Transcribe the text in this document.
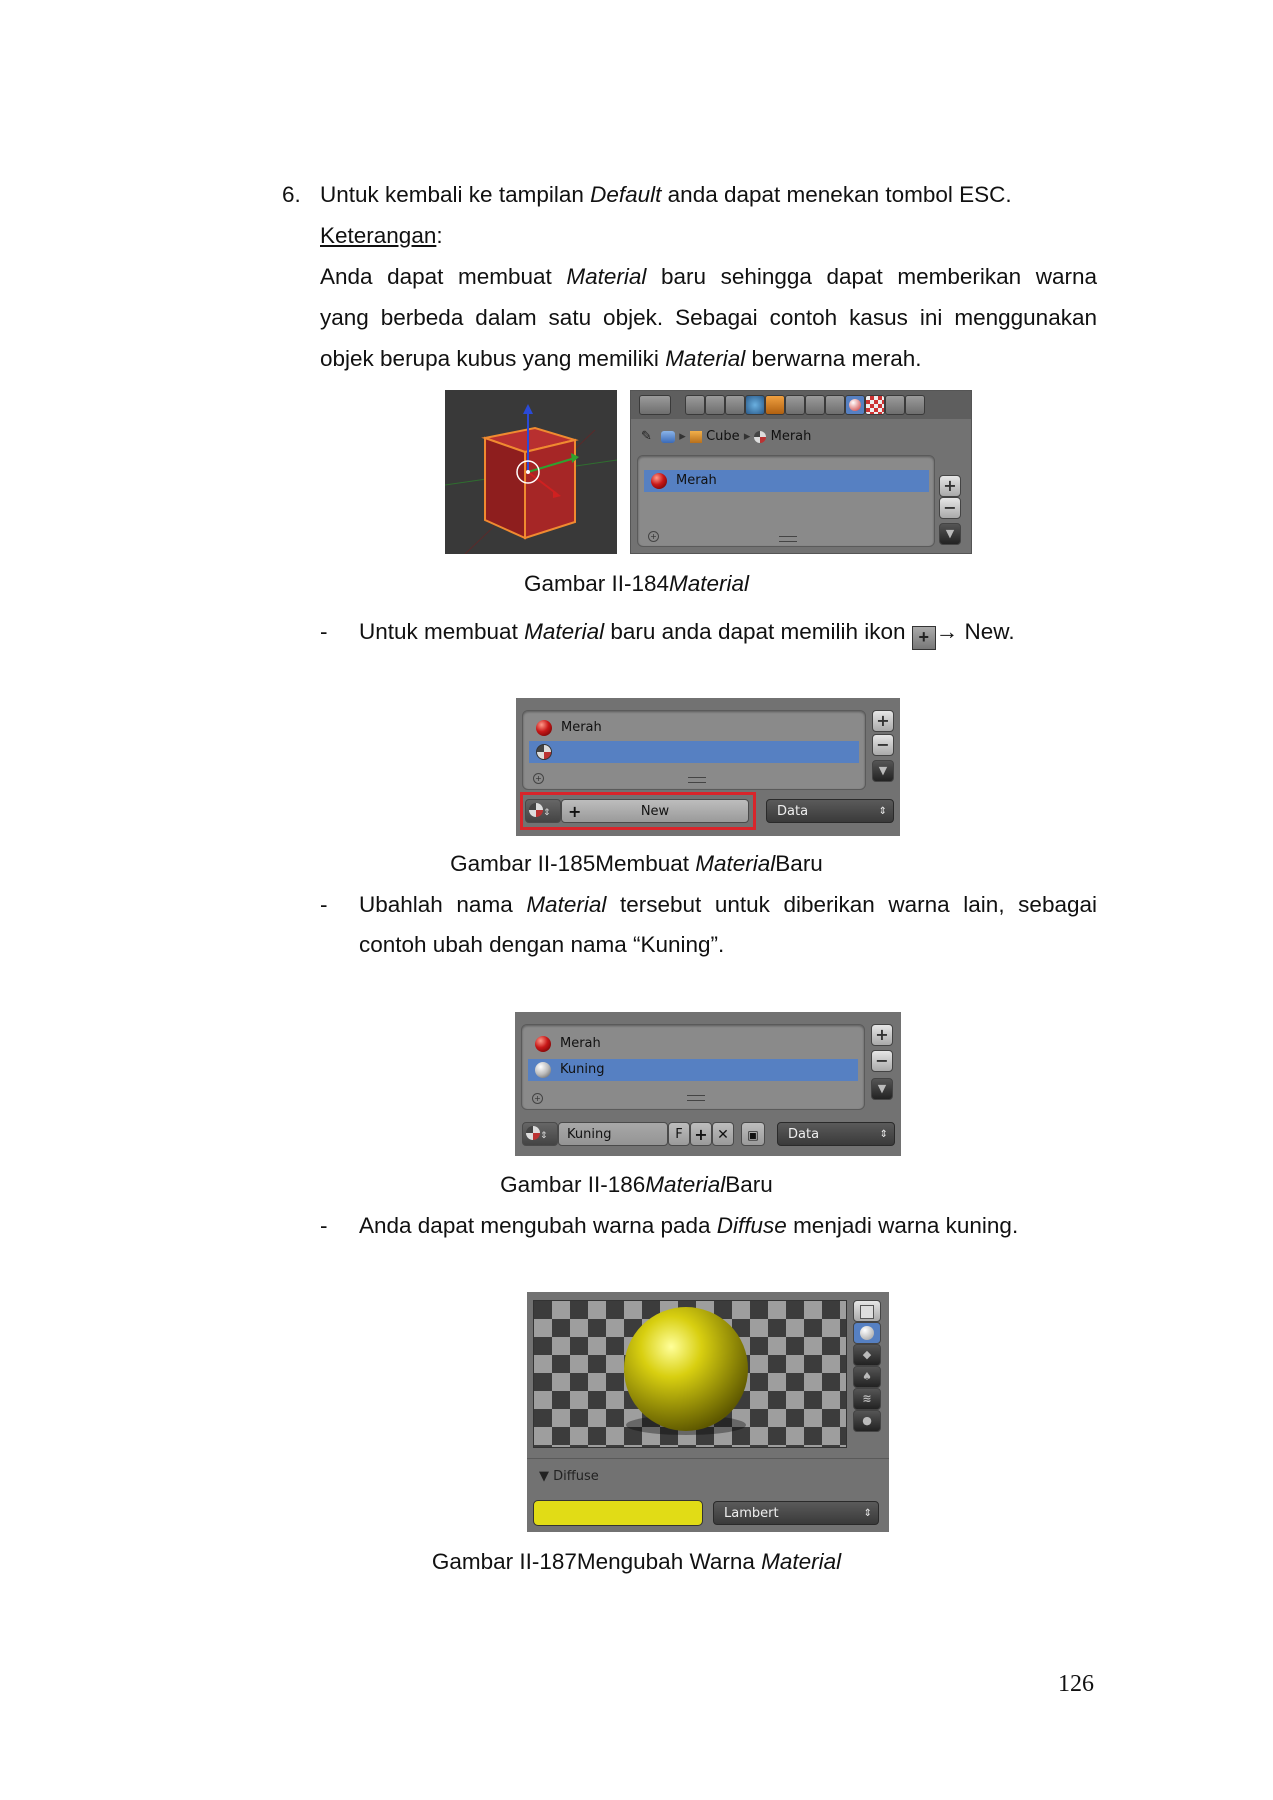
6. Untuk kembali ke tampilan Default anda dapat menekan tombol ESC.
Keterangan:
Anda dapat membuat Material baru sehingga dapat memberikan warna
yang berbeda dalam satu objek. Sebagai contoh kasus ini menggunakan
objek berupa kubus yang memiliki Material berwarna merah.
✎  ▸  Cube ▸  Merah
Merah
+
+
−
▼
Gambar II-184Material
- Untuk membuat Material baru anda dapat memilih ikon + → New.
Merah
+
+
−
▼
⇕	+	New	Data	⇕
Gambar II-185Membuat MaterialBaru
- Ubahlah nama Material tersebut untuk diberikan warna lain, sebagai
contoh ubah dengan nama “Kuning”.
Merah
Kuning
+
+
−
▼
⇕	Kuning	F + ✕	▣	Data	⇕
Gambar II-186MaterialBaru
- Anda dapat mengubah warna pada Diffuse menjadi warna kuning.
◆
♠
≋
●
▼ Diffuse
Lambert	⇕
Gambar II-187Mengubah Warna Material
126
